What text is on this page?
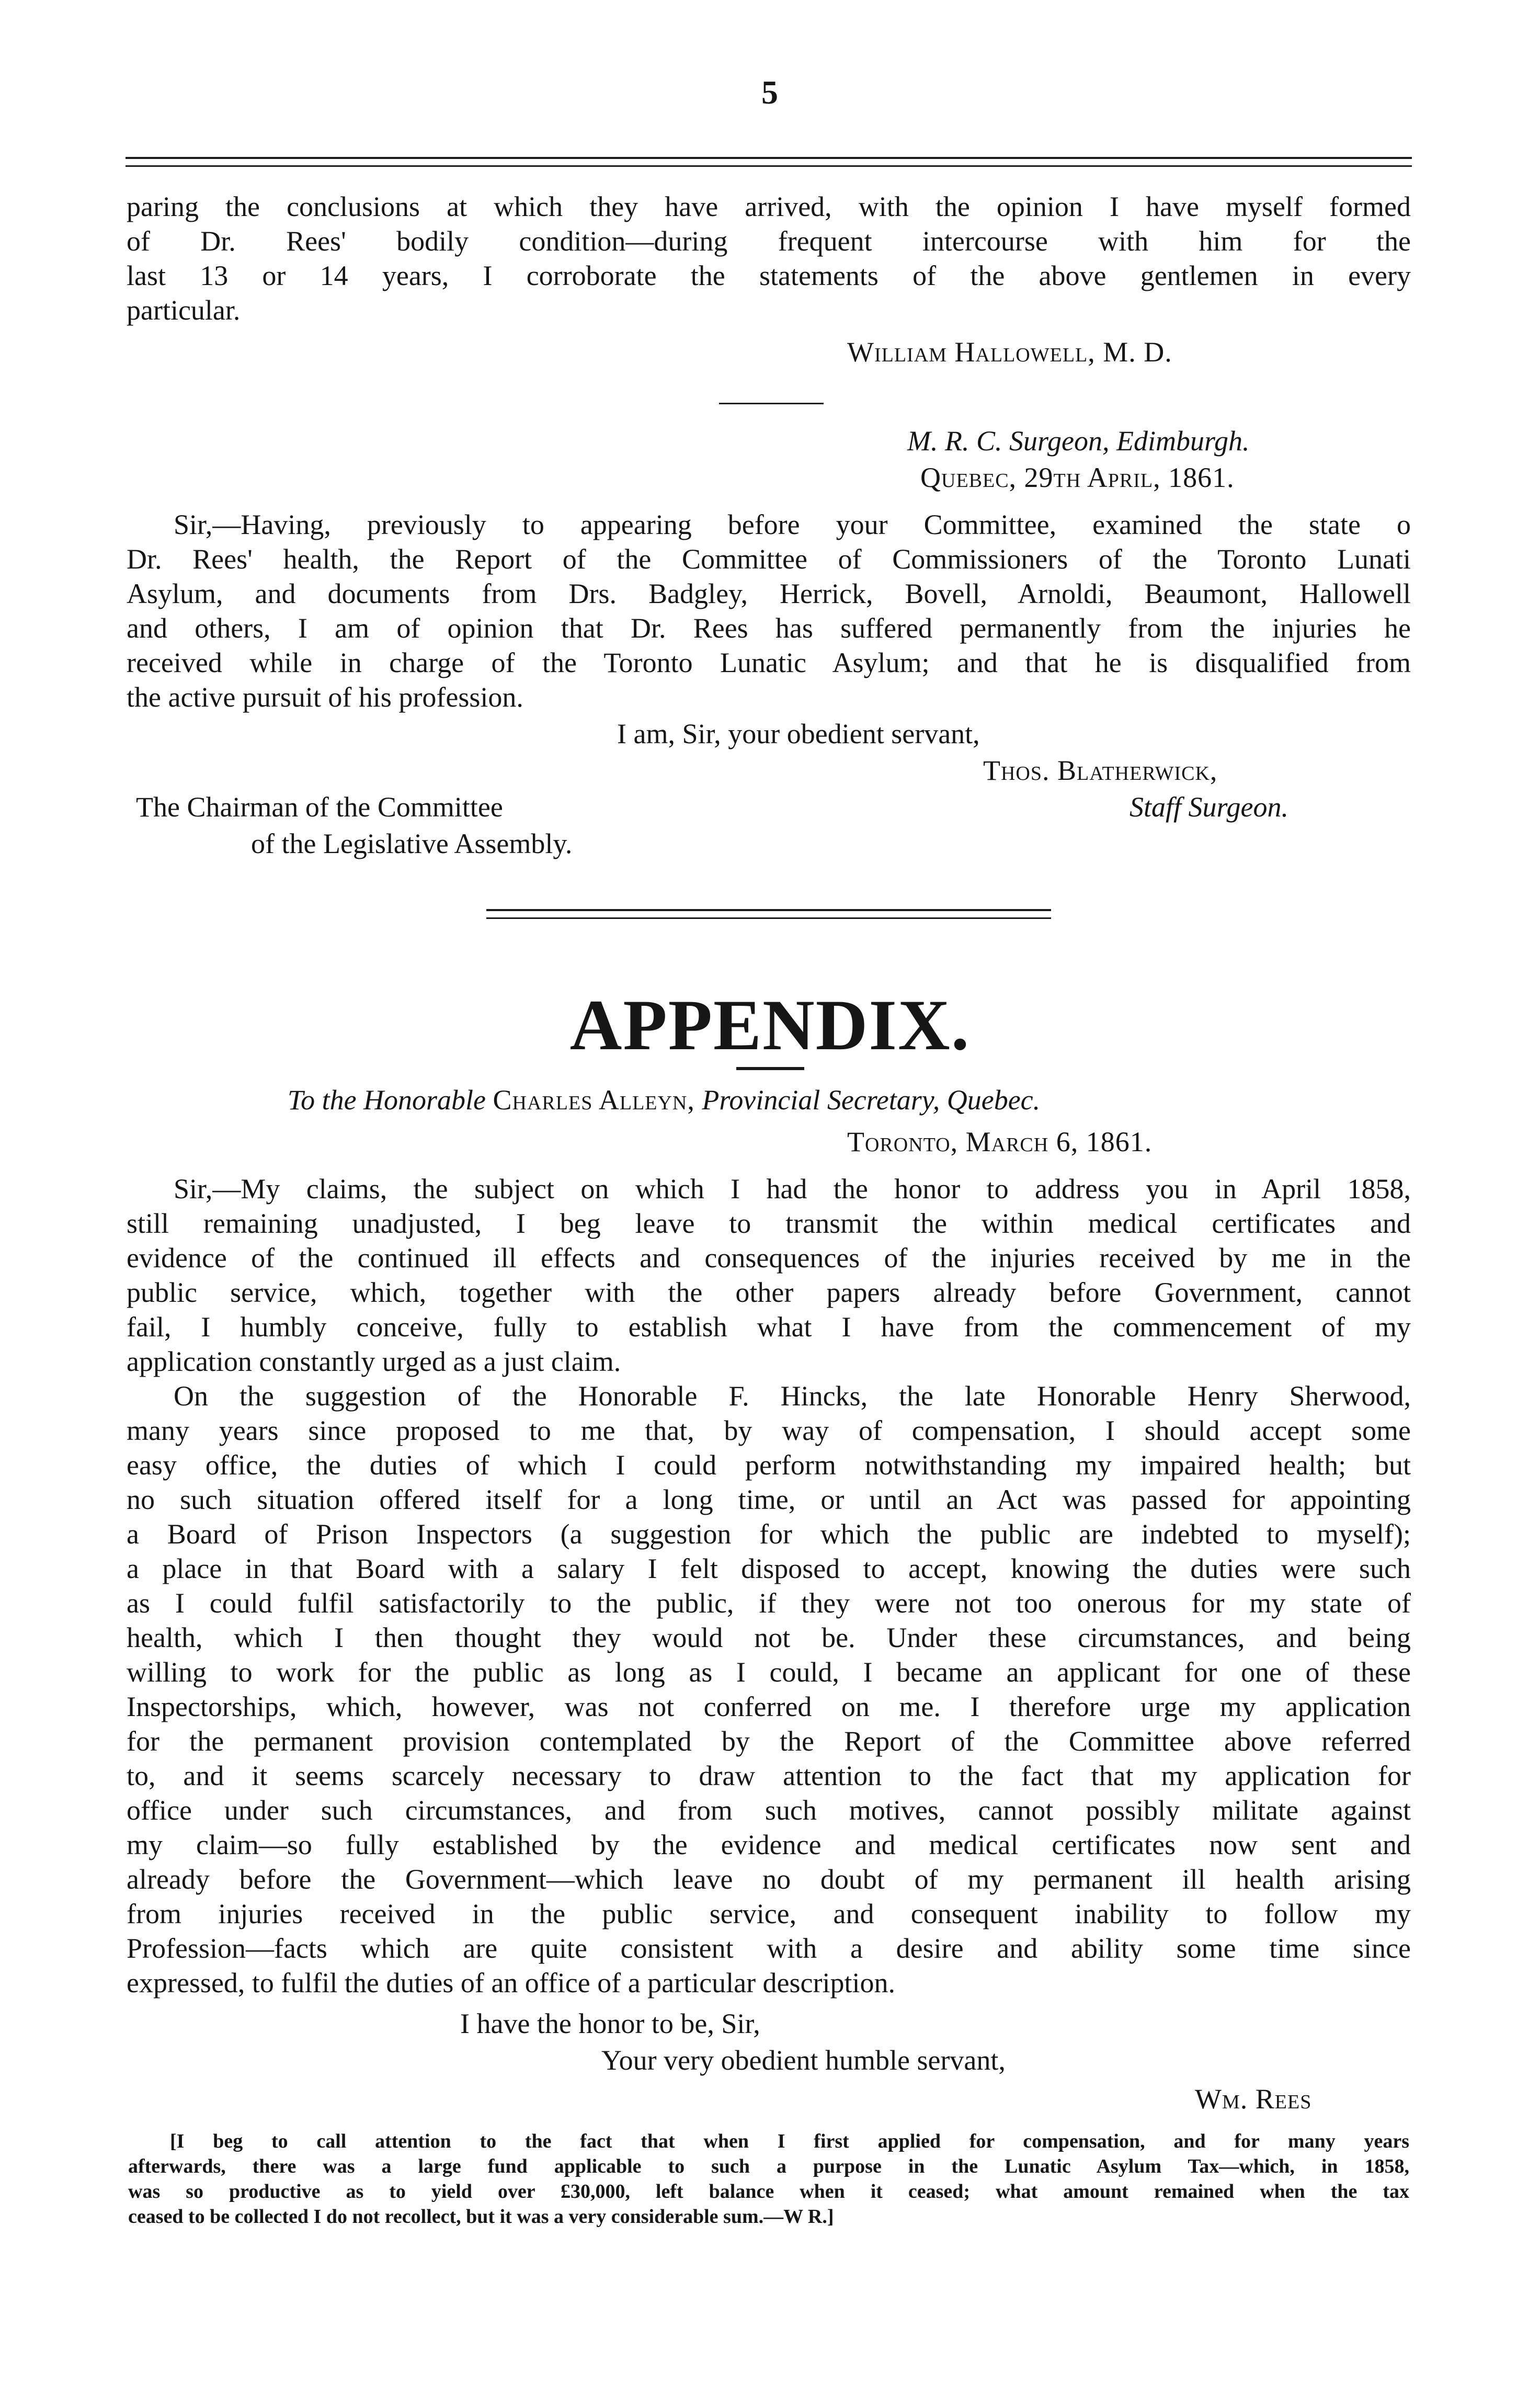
5
paring the conclusions at which they have arrived, with the opinion I have myself formed
of Dr. Rees' bodily condition—during frequent intercourse with him for the
last 13 or 14 years, I corroborate the statements of the above gentlemen in every
particular.
William Hallowell, M. D.
M. R. C. Surgeon, Edimburgh.
Quebec, 29th April, 1861.
Sir,—Having, previously to appearing before your Committee, examined the state o
Dr. Rees' health, the Report of the Committee of Commissioners of the Toronto Lunati
Asylum, and documents from Drs. Badgley, Herrick, Bovell, Arnoldi, Beaumont, Hallowell
and others, I am of opinion that Dr. Rees has suffered permanently from the injuries he
received while in charge of the Toronto Lunatic Asylum; and that he is disqualified from
the active pursuit of his profession.
I am, Sir, your obedient servant,
Thos. Blatherwick,
The Chairman of the Committee	Staff Surgeon.
of the Legislative Assembly.
APPENDIX.
To the Honorable Charles Alleyn, Provincial Secretary, Quebec.
Toronto, March 6, 1861.
Sir,—My claims, the subject on which I had the honor to address you in April 1858,
still remaining unadjusted, I beg leave to transmit the within medical certificates and
evidence of the continued ill effects and consequences of the injuries received by me in the
public service, which, together with the other papers already before Government, cannot
fail, I humbly conceive, fully to establish what I have from the commencement of my
application constantly urged as a just claim.
On the suggestion of the Honorable F. Hincks, the late Honorable Henry Sherwood,
many years since proposed to me that, by way of compensation, I should accept some
easy office, the duties of which I could perform notwithstanding my impaired health; but
no such situation offered itself for a long time, or until an Act was passed for appointing
a Board of Prison Inspectors (a suggestion for which the public are indebted to myself);
a place in that Board with a salary I felt disposed to accept, knowing the duties were such
as I could fulfil satisfactorily to the public, if they were not too onerous for my state of
health, which I then thought they would not be. Under these circumstances, and being
willing to work for the public as long as I could, I became an applicant for one of these
Inspectorships, which, however, was not conferred on me. I therefore urge my application
for the permanent provision contemplated by the Report of the Committee above referred
to, and it seems scarcely necessary to draw attention to the fact that my application for
office under such circumstances, and from such motives, cannot possibly militate against
my claim—so fully established by the evidence and medical certificates now sent and
already before the Government—which leave no doubt of my permanent ill health arising
from injuries received in the public service, and consequent inability to follow my
Profession—facts which are quite consistent with a desire and ability some time since
expressed, to fulfil the duties of an office of a particular description.
I have the honor to be, Sir,
Your very obedient humble servant,
Wm. Rees
[I beg to call attention to the fact that when I first applied for compensation, and for many years
afterwards, there was a large fund applicable to such a purpose in the Lunatic Asylum Tax—which, in 1858,
was so productive as to yield over £30,000, left balance when it ceased; what amount remained when the tax
ceased to be collected I do not recollect, but it was a very considerable sum.—W R.]
